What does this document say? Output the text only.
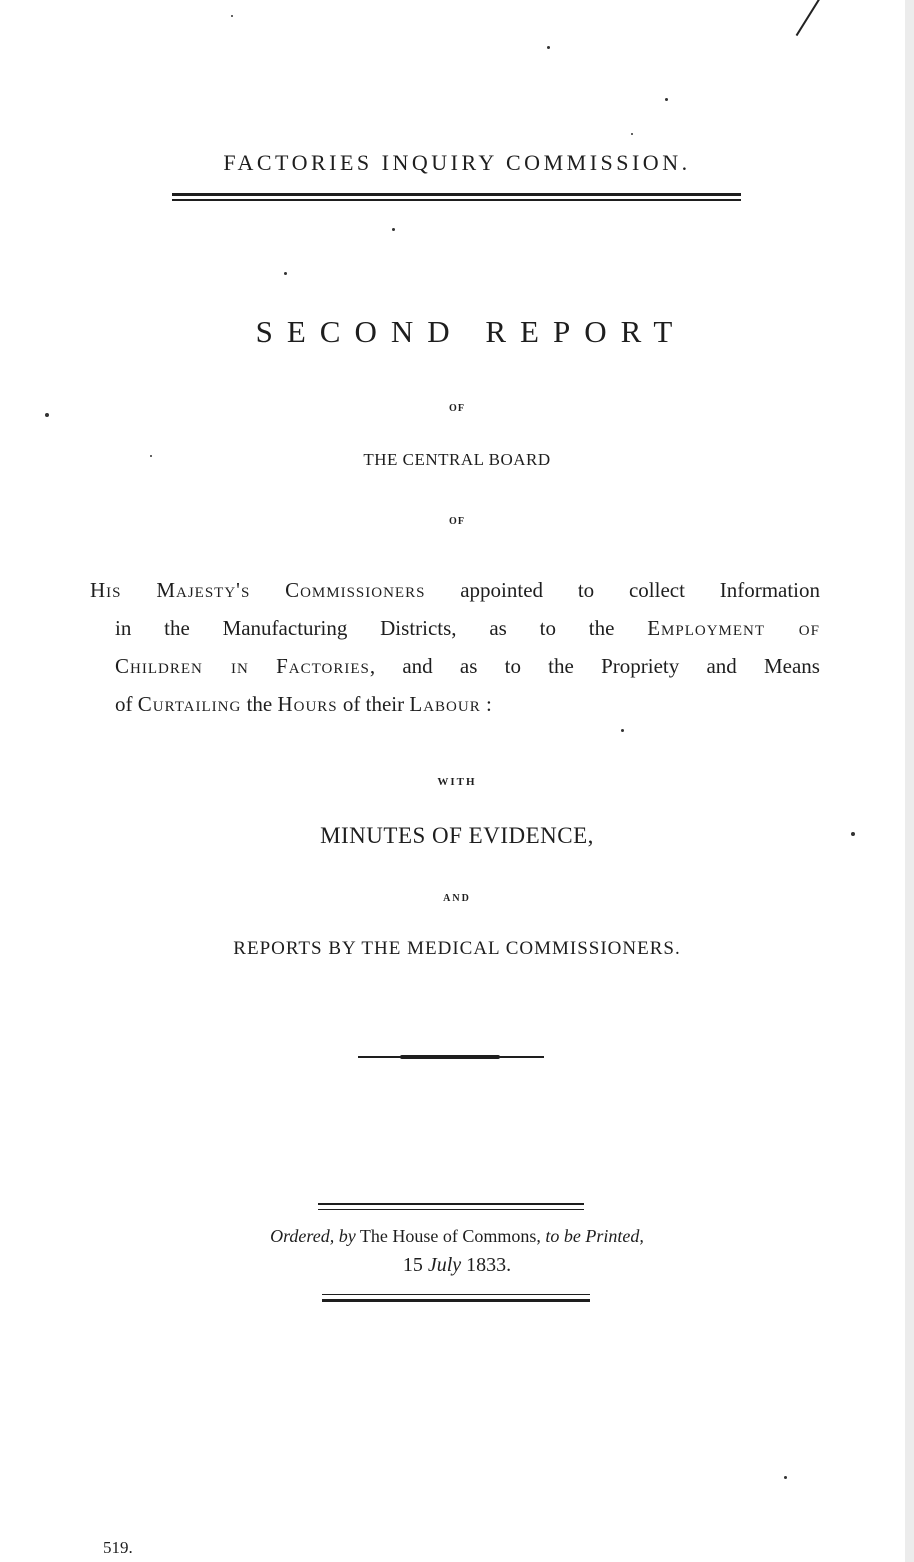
FACTORIES INQUIRY COMMISSION.
SECOND REPORT
OF
THE CENTRAL BOARD
OF
His Majesty's Commissioners appointed to collect Information
in the Manufacturing Districts, as to the Employment of
Children in Factories, and as to the Propriety and Means
of Curtailing the Hours of their Labour :
WITH
MINUTES OF EVIDENCE,
AND
REPORTS BY THE MEDICAL COMMISSIONERS.
Ordered, by The House of Commons, to be Printed,
15 July 1833.
519.
